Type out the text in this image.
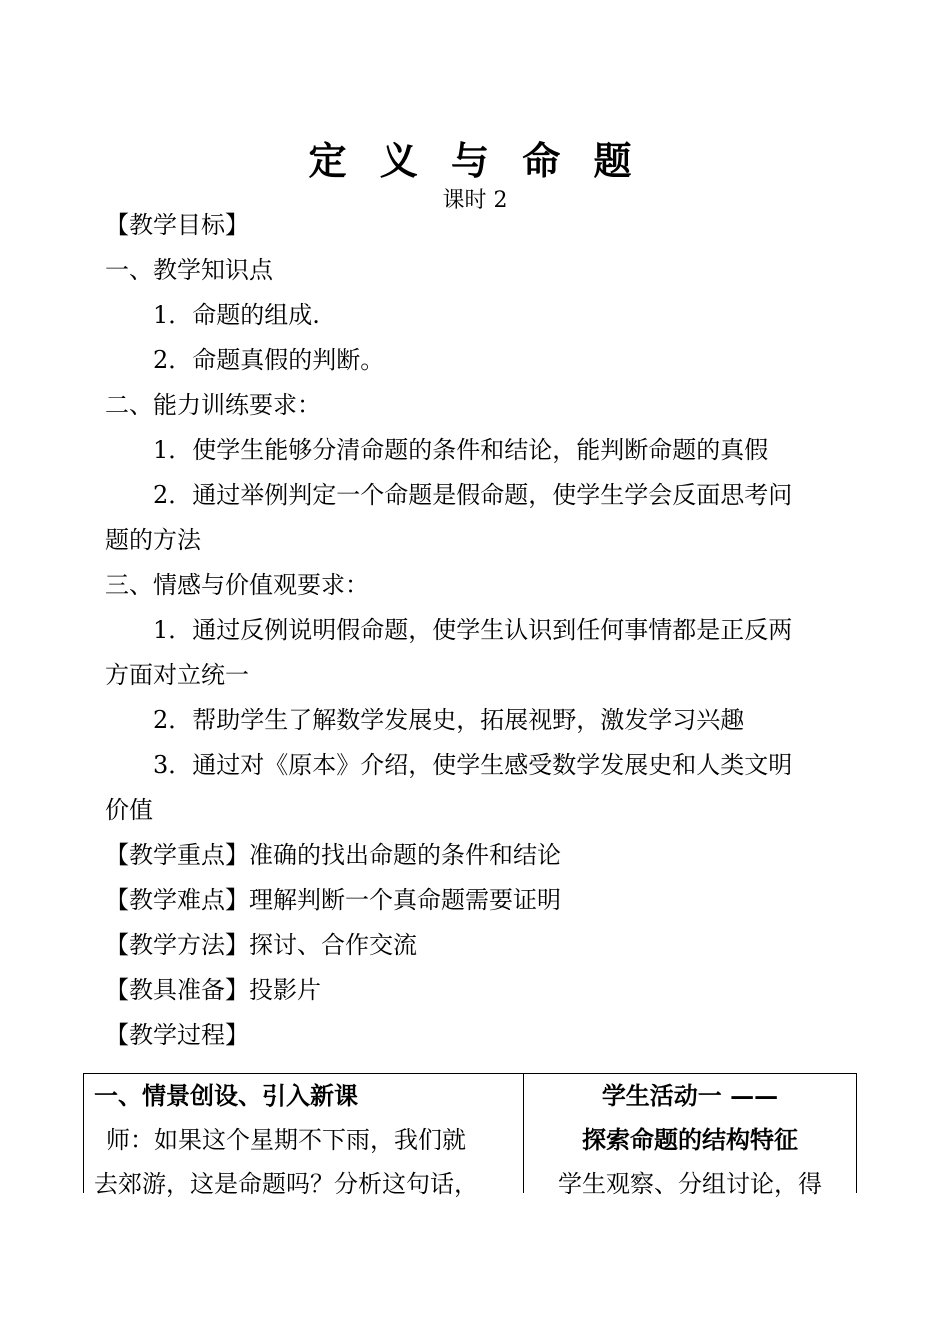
定 义 与 命 题

课时 2

【教学目标】

一、教学知识点

1．命题的组成.

2．命题真假的判断。

二、能力训练要求：

1．使学生能够分清命题的条件和结论，能判断命题的真假

2．通过举例判定一个命题是假命题，使学生学会反面思考问

题的方法

三、情感与价值观要求：

1．通过反例说明假命题，使学生认识到任何事情都是正反两

方面对立统一

2．帮助学生了解数学发展史，拓展视野，激发学习兴趣

3．通过对《原本》介绍，使学生感受数学发展史和人类文明

价值

【教学重点】准确的找出命题的条件和结论

【教学难点】理解判断一个真命题需要证明

【教学方法】探讨、合作交流

【教具准备】投影片

【教学过程】

一、情景创设、引入新课

师：如果这个星期不下雨，我们就

去郊游，这是命题吗？分析这句话，

学生活动一 ——

探索命题的结构特征

学生观察、分组讨论，得
